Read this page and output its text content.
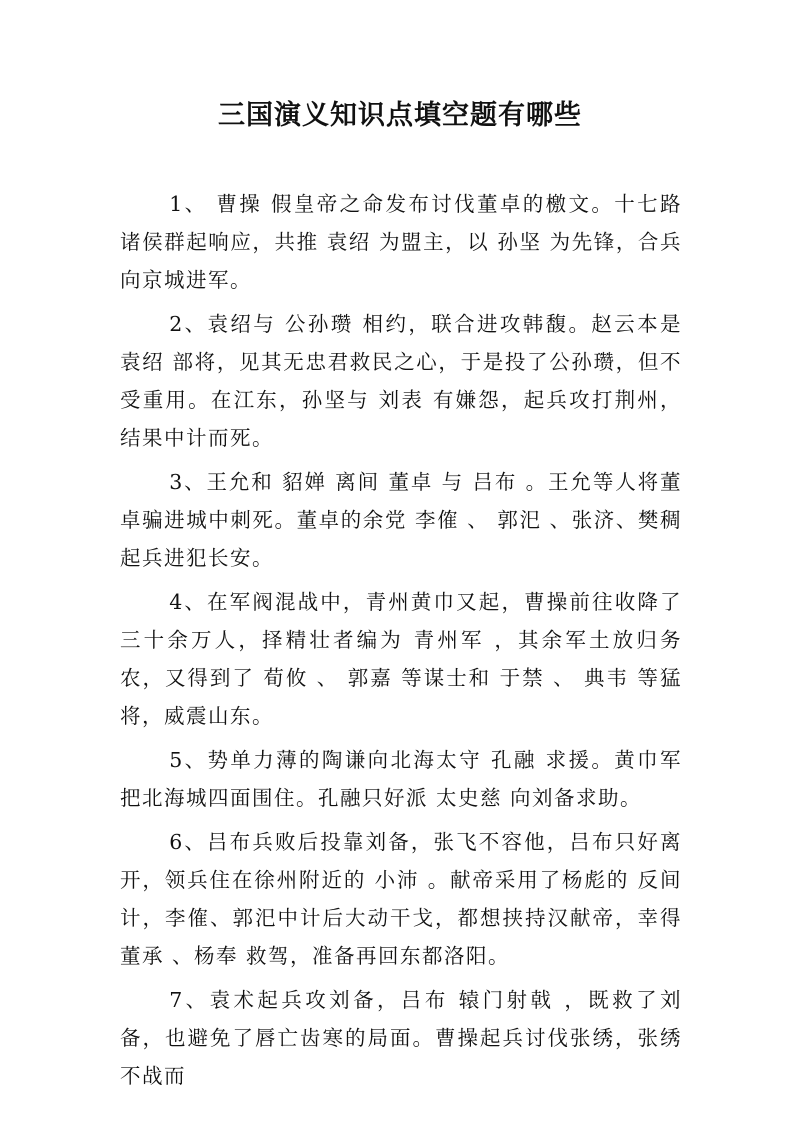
三国演义知识点填空题有哪些

1、 曹操 假皇帝之命发布讨伐董卓的檄文。十七路诸侯群起响应，共推 袁绍 为盟主，以 孙坚 为先锋，合兵向京城进军。

2、袁绍与 公孙瓒 相约，联合进攻韩馥。赵云本是 袁绍 部将，见其无忠君救民之心，于是投了公孙瓒，但不受重用。在江东，孙坚与 刘表 有嫌怨，起兵攻打荆州，结果中计而死。

3、王允和 貂婵 离间 董卓 与 吕布 。王允等人将董卓骗进城中刺死。董卓的余党 李傕 、 郭汜 、张济、樊稠起兵进犯长安。

4、在军阀混战中，青州黄巾又起，曹操前往收降了三十余万人，择精壮者编为 青州军 ，其余军土放归务农，又得到了 荀攸 、 郭嘉 等谋士和 于禁 、 典韦 等猛将，威震山东。

5、势单力薄的陶谦向北海太守 孔融 求援。黄巾军把北海城四面围住。孔融只好派 太史慈 向刘备求助。

6、吕布兵败后投靠刘备，张飞不容他，吕布只好离开，领兵住在徐州附近的 小沛 。献帝采用了杨彪的 反间 计，李傕、郭汜中计后大动干戈，都想挟持汉献帝，幸得董承 、杨奉 救驾，准备再回东都洛阳。

7、袁术起兵攻刘备，吕布 辕门射戟 ，既救了刘备，也避免了唇亡齿寒的局面。曹操起兵讨伐张绣，张绣不战而
